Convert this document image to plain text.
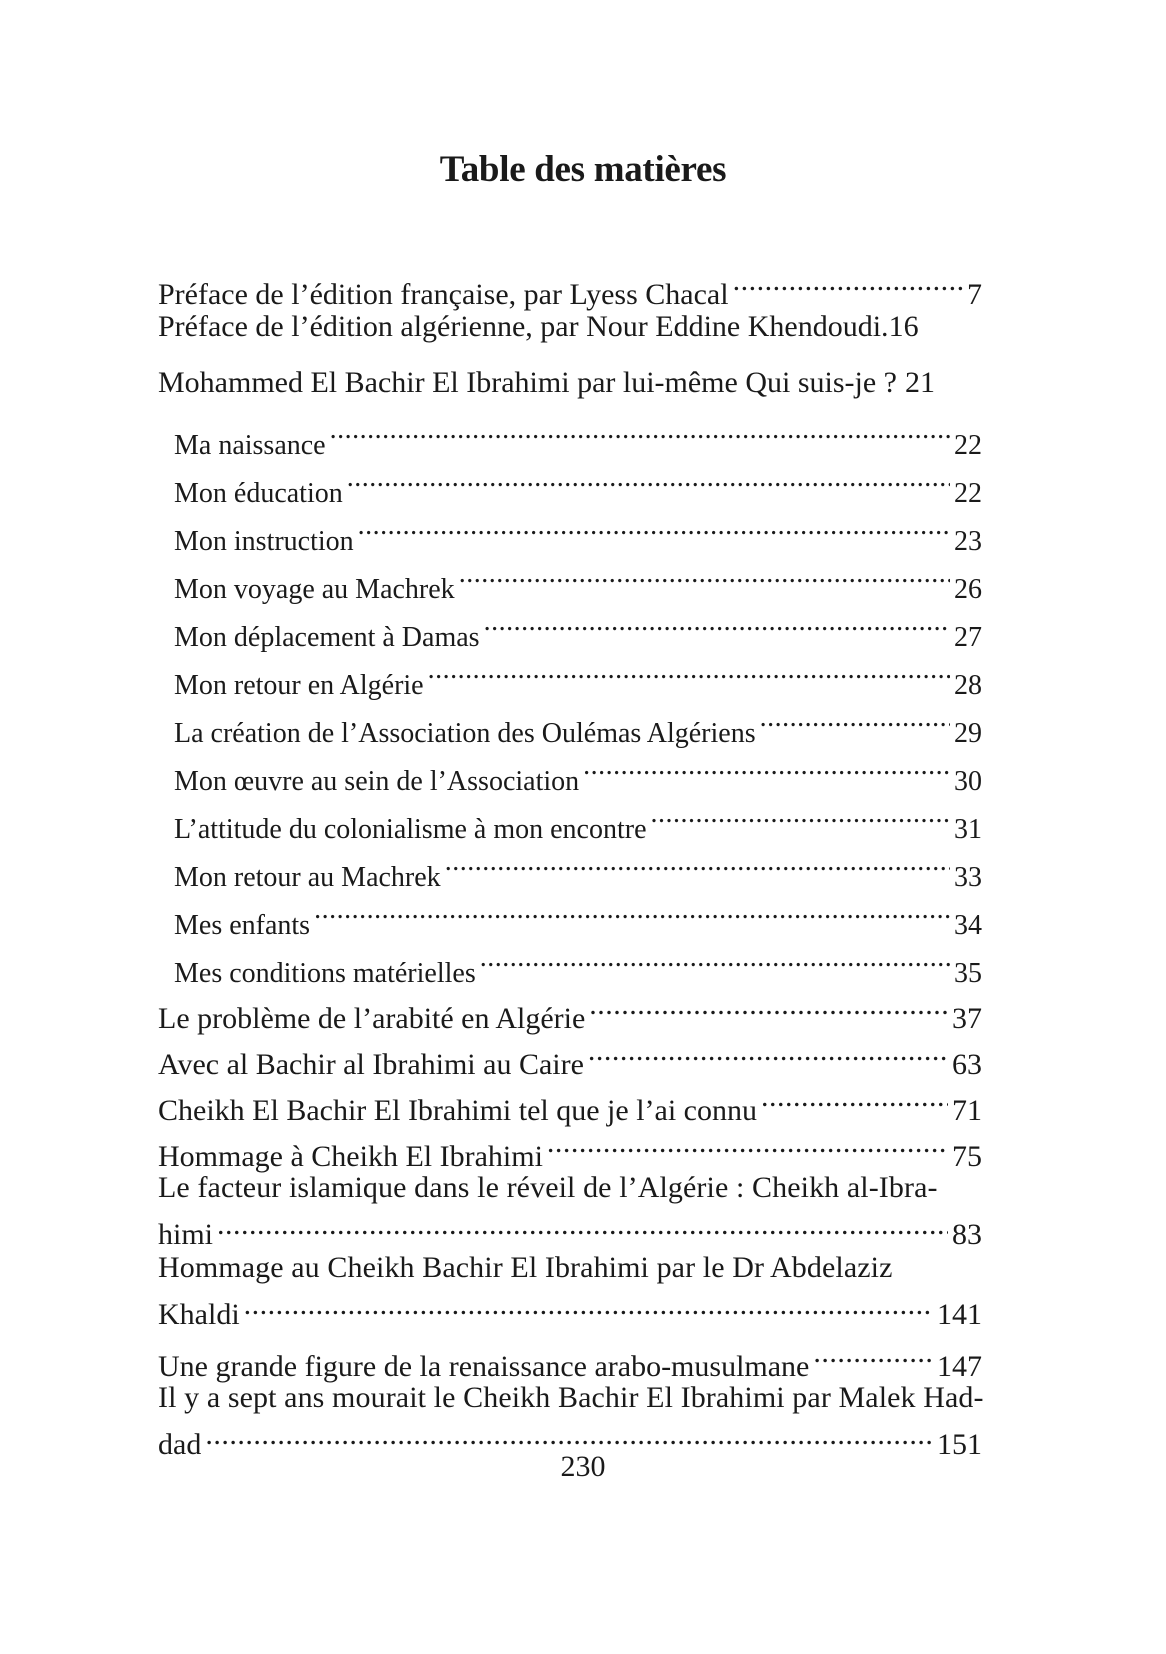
Table des matières
Préface de l’édition française, par Lyess Chacal .....	7
Préface de l’édition algérienne, par Nour Eddine Khendoudi. 16
Mohammed El Bachir El Ibrahimi par lui-même Qui suis-je ? 21
Ma naissance .....	22
Mon éducation .....	22
Mon instruction .....	23
Mon voyage au Machrek .....	26
Mon déplacement à Damas .....	27
Mon retour en Algérie .....	28
La création de l’Association des Oulémas Algériens .....	29
Mon œuvre au sein de l’Association .....	30
L’attitude du colonialisme à mon encontre .....	31
Mon retour au Machrek .....	33
Mes enfants .....	34
Mes conditions matérielles .....	35
Le problème de l’arabité en Algérie .....	37
Avec al Bachir al Ibrahimi au Caire .....	63
Cheikh El Bachir El Ibrahimi tel que je l’ai connu .....	71
Hommage à Cheikh El Ibrahimi .....	75
Le facteur islamique dans le réveil de l’Algérie : Cheikh al-Ibra-
himi .....	83
Hommage au Cheikh Bachir El Ibrahimi par le Dr Abdelaziz
Khaldi .....	141
Une grande figure de la renaissance arabo-musulmane .....	147
Il y a sept ans mourait le Cheikh Bachir El Ibrahimi par Malek Had-
dad .....	151
230
